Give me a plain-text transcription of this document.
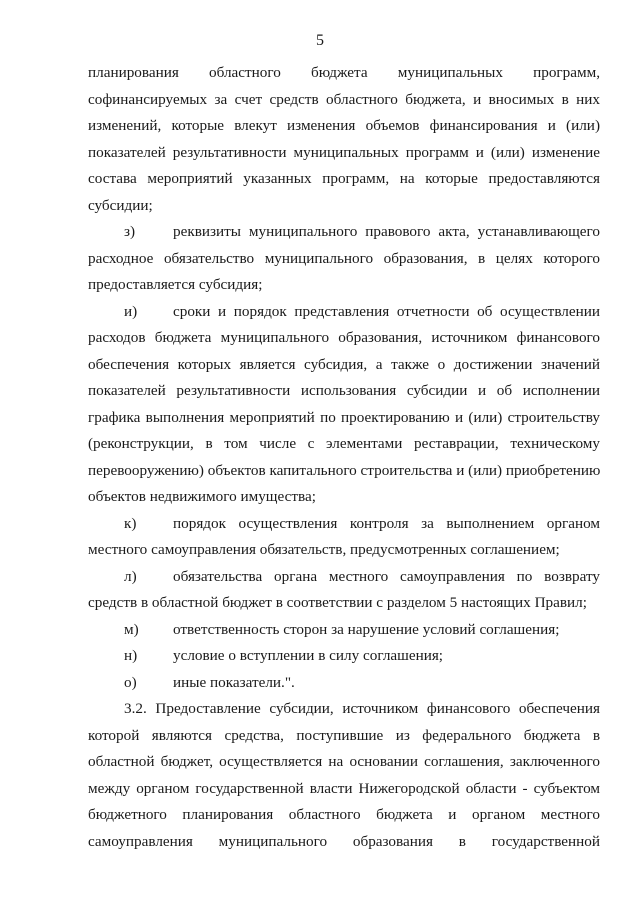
5
планирования областного бюджета муниципальных программ,
софинансируемых за счет средств областного бюджета, и вносимых в них
изменений, которые влекут изменения объемов финансирования и (или)
показателей результативности муниципальных программ и (или) изменение
состава мероприятий указанных программ, на которые предоставляются
субсидии;
з)	реквизиты муниципального правового акта, устанавливающего
расходное обязательство муниципального образования, в целях которого
предоставляется субсидия;
и)	сроки и порядок представления отчетности об осуществлении
расходов бюджета муниципального образования, источником финансового
обеспечения которых является субсидия, а также о достижении значений
показателей результативности использования субсидии и об исполнении
графика выполнения мероприятий по проектированию и (или) строительству
(реконструкции, в том числе с элементами реставрации, техническому
перевооружению) объектов капитального строительства и (или) приобретению
объектов недвижимого имущества;
к)	порядок осуществления контроля за выполнением органом
местного самоуправления обязательств, предусмотренных соглашением;
л)	обязательства органа местного самоуправления по возврату
средств в областной бюджет в соответствии с разделом 5 настоящих Правил;
м)	ответственность сторон за нарушение условий соглашения;
н)	условие о вступлении в силу соглашения;
о)	иные показатели.".
3.2. Предоставление субсидии, источником финансового обеспечения
которой являются средства, поступившие из федерального бюджета в
областной бюджет, осуществляется на основании соглашения, заключенного
между органом государственной власти Нижегородской области - субъектом
бюджетного планирования областного бюджета и органом местного
самоуправления муниципального образования в государственной
